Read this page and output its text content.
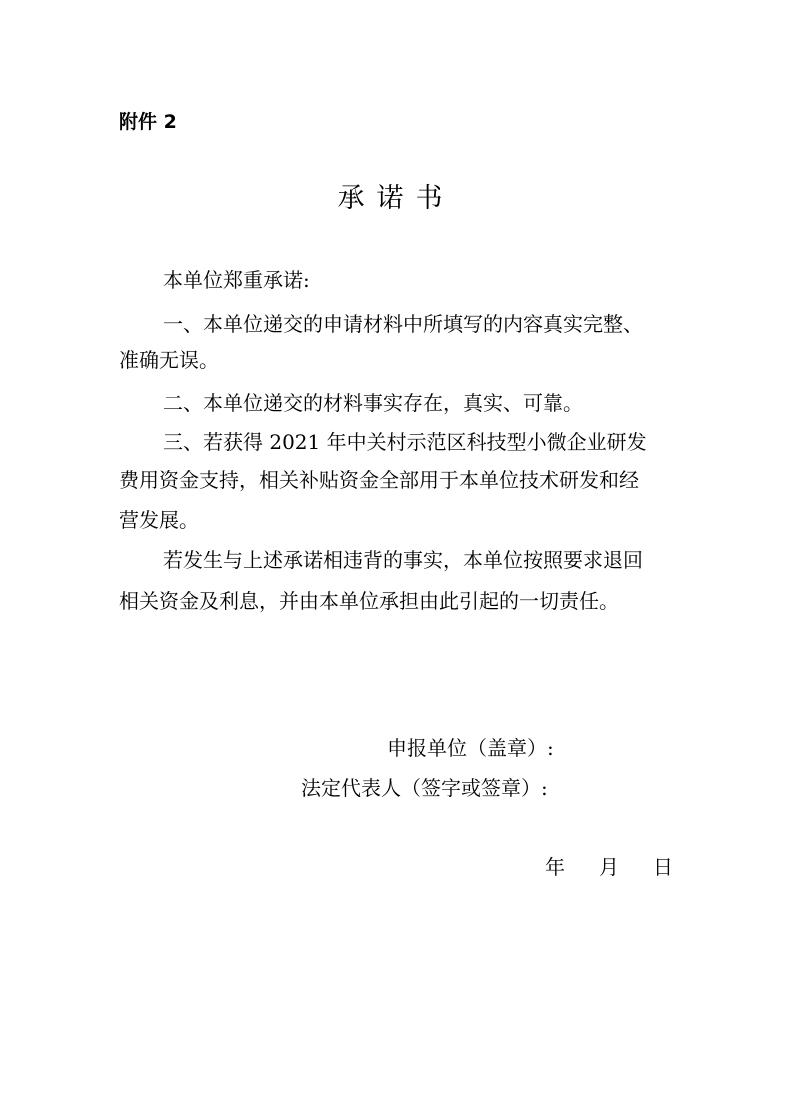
附件 2
承诺书
本单位郑重承诺:
一、本单位递交的申请材料中所填写的内容真实完整、
准确无误。
二、本单位递交的材料事实存在，真实、可靠。
三、若获得 2021 年中关村示范区科技型小微企业研发
费用资金支持，相关补贴资金全部用于本单位技术研发和经
营发展。
若发生与上述承诺相违背的事实，本单位按照要求退回
相关资金及利息，并由本单位承担由此引起的一切责任。
申报单位（盖章）:
法定代表人（签字或签章）:
年 月 日
